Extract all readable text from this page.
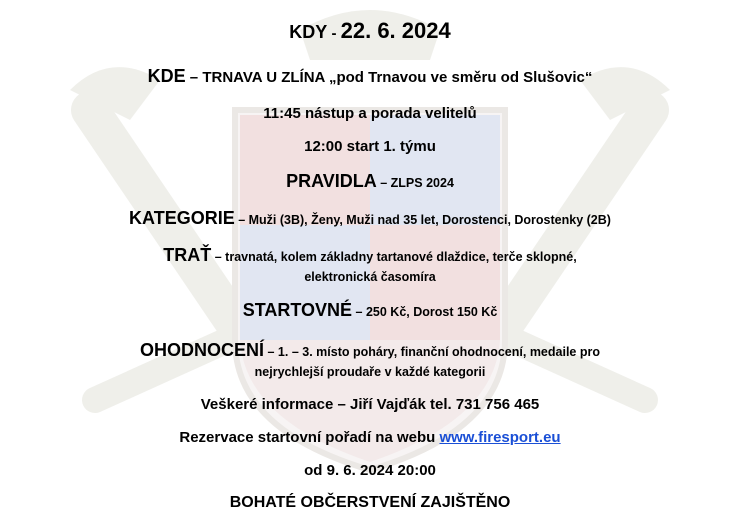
KDY - 22. 6. 2024
KDE – TRNAVA U ZLÍNA „pod Trnavou ve směru od Slušovic“
11:45 nástup a porada velitelů
12:00 start 1. týmu
PRAVIDLA – ZLPS 2024
KATEGORIE – Muži (3B), Ženy, Muži nad 35 let, Dorostenci, Dorostenky (2B)
TRAŤ – travnatá, kolem základny tartanové dlaždice, terče sklopné,
elektronická časomíra
STARTOVNÉ – 250 Kč, Dorost 150 Kč
OHODNOCENÍ – 1. – 3. místo poháry, finanční ohodnocení, medaile pro
nejrychlejší proudaře v každé kategorii
Veškeré informace – Jiří Vajďák tel. 731 756 465
Rezervace startovní pořadí na webu www.firesport.eu
od 9. 6. 2024 20:00
BOHATÉ OBČERSTVENÍ ZAJIŠTĚNO
